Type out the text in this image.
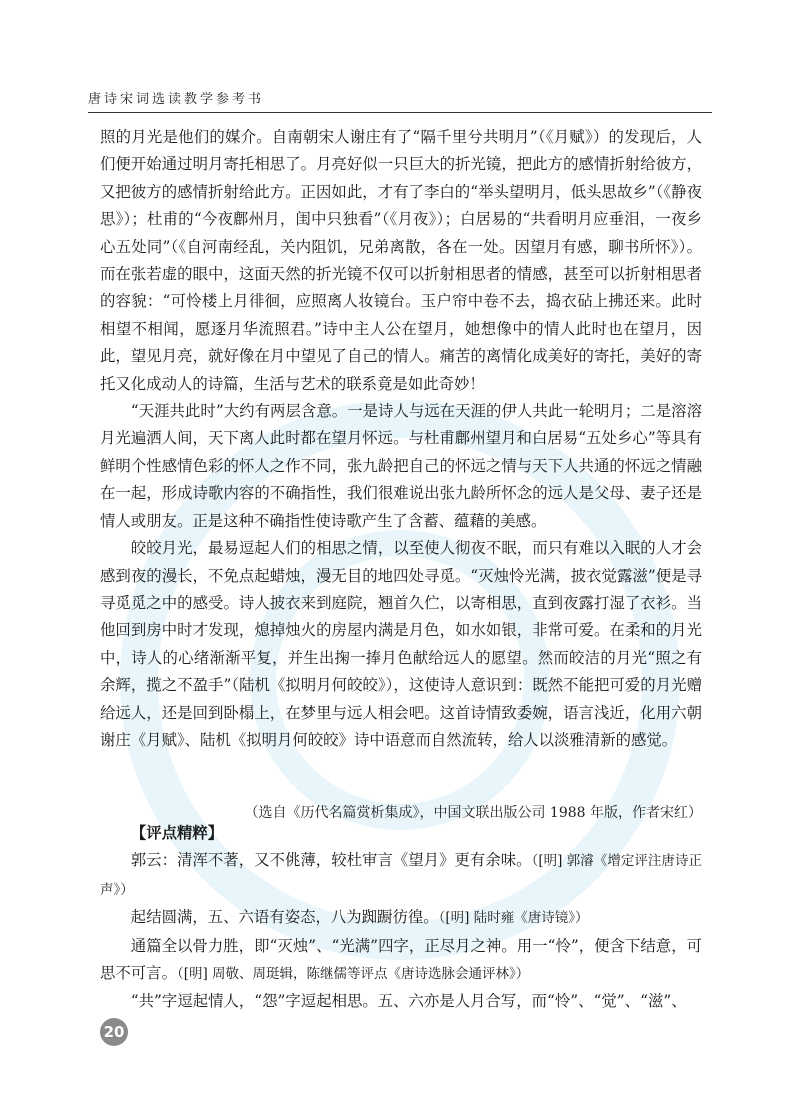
唐诗宋词选读教学参考书

照的月光是他们的媒介。自南朝宋人谢庄有了“隔千里兮共明月”（《月赋》）的发现后，人们便开始通过明月寄托相思了。月亮好似一只巨大的折光镜，把此方的感情折射给彼方，又把彼方的感情折射给此方。正因如此，才有了李白的“举头望明月，低头思故乡”（《静夜思》）；杜甫的“今夜鄜州月，闺中只独看”（《月夜》）；白居易的“共看明月应垂泪，一夜乡心五处同”（《自河南经乱，关内阻饥，兄弟离散，各在一处。因望月有感，聊书所怀》）。而在张若虚的眼中，这面天然的折光镜不仅可以折射相思者的情感，甚至可以折射相思者的容貌：“可怜楼上月徘徊，应照离人妆镜台。玉户帘中卷不去，捣衣砧上拂还来。此时相望不相闻，愿逐月华流照君。”诗中主人公在望月，她想像中的情人此时也在望月，因此，望见月亮，就好像在月中望见了自己的情人。痛苦的离情化成美好的寄托，美好的寄托又化成动人的诗篇，生活与艺术的联系竟是如此奇妙！

“天涯共此时”大约有两层含意。一是诗人与远在天涯的伊人共此一轮明月；二是溶溶月光遍洒人间，天下离人此时都在望月怀远。与杜甫鄜州望月和白居易“五处乡心”等具有鲜明个性感情色彩的怀人之作不同，张九龄把自己的怀远之情与天下人共通的怀远之情融在一起，形成诗歌内容的不确指性，我们很难说出张九龄所怀念的远人是父母、妻子还是情人或朋友。正是这种不确指性使诗歌产生了含蓄、蕴藉的美感。

皎皎月光，最易逗起人们的相思之情，以至使人彻夜不眠，而只有难以入眠的人才会感到夜的漫长，不免点起蜡烛，漫无目的地四处寻觅。“灭烛怜光满，披衣觉露滋”便是寻寻觅觅之中的感受。诗人披衣来到庭院，翘首久伫，以寄相思，直到夜露打湿了衣衫。当他回到房中时才发现，熄掉烛火的房屋内满是月色，如水如银，非常可爱。在柔和的月光中，诗人的心绪渐渐平复，并生出掬一捧月色献给远人的愿望。然而皎洁的月光“照之有余辉，揽之不盈手”（陆机《拟明月何皎皎》），这使诗人意识到：既然不能把可爱的月光赠给远人，还是回到卧榻上，在梦里与远人相会吧。这首诗情致委婉，语言浅近，化用六朝谢庄《月赋》、陆机《拟明月何皎皎》诗中语意而自然流转，给人以淡雅清新的感觉。

（选自《历代名篇赏析集成》，中国文联出版公司 1988 年版，作者宋红）

【评点精粹】

郭云：清浑不著，又不佻薄，较杜审言《望月》更有余味。（[明] 郭濬《增定评注唐诗正声》）

起结圆满，五、六语有姿态，八为踟蹰彷徨。（[明] 陆时雍《唐诗镜》）

通篇全以骨力胜，即“灭烛”、“光满”四字，正尽月之神。用一“怜”，便含下结意，可思不可言。（[明] 周敬、周珽辑，陈继儒等评点《唐诗选脉会通评林》）

“共”字逗起情人，“怨”字逗起相思。五、六亦是人月合写，而“怜”、“觉”、“滋”、

20
